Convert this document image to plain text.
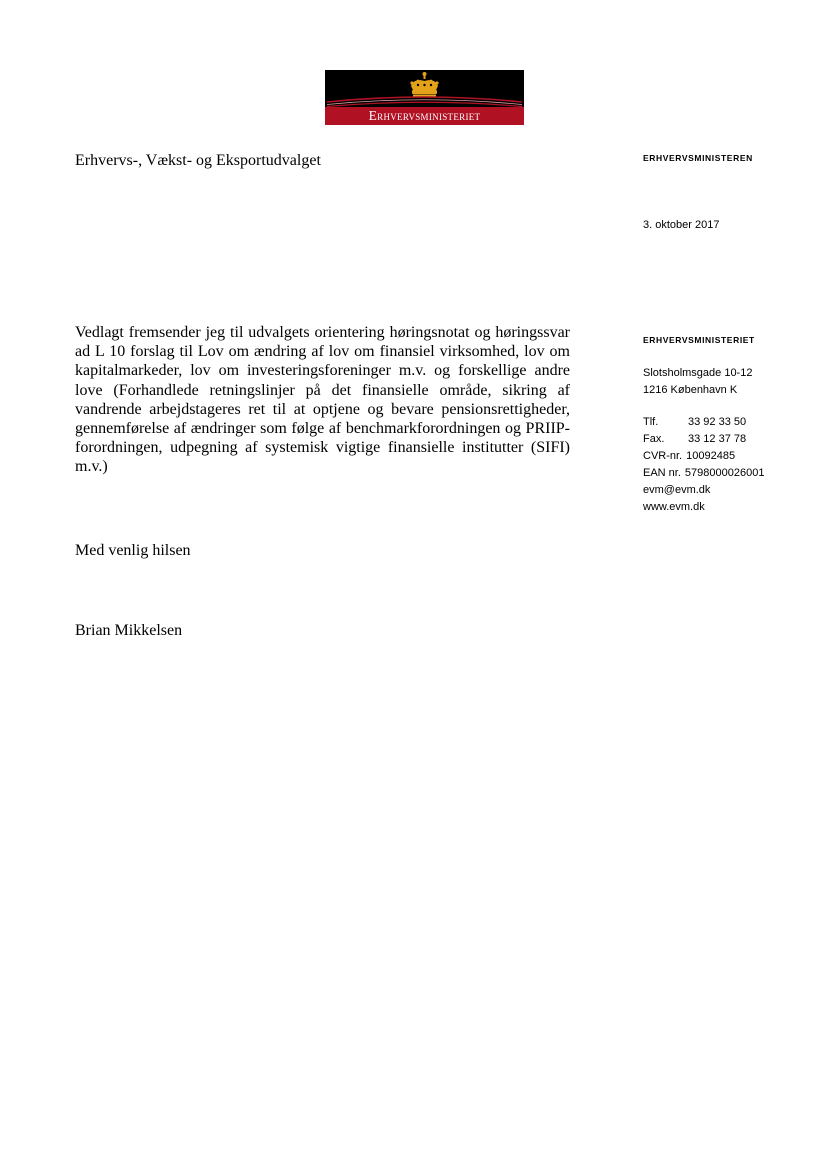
Erhvervsministeriet
Erhvervs-, Vækst- og Eksportudvalget	ERHVERVSMINISTEREN
3. oktober 2017
ERHVERVSMINISTERIET
Slotsholmsgade 10-12
1216 København K
Tlf.	33 92 33 50
Fax.	33 12 37 78
CVR-nr. 10092485
EAN nr. 5798000026001
evm@evm.dk
www.evm.dk

Vedlagt fremsender jeg til udvalgets orientering høringsnotat og høringssvar ad L 10 forslag til Lov om ændring af lov om finansiel virksomhed, lov om kapitalmarkeder, lov om investeringsforeninger m.v. og forskellige andre love (Forhandlede retningslinjer på det finansielle område, sikring af vandrende arbejdstageres ret til at optjene og bevare pensionsrettigheder, gennemførelse af ændringer som følge af benchmarkforordningen og PRIIP-forordningen, udpegning af systemisk vigtige finansielle institutter (SIFI) m.v.)

Med venlig hilsen
Brian Mikkelsen
